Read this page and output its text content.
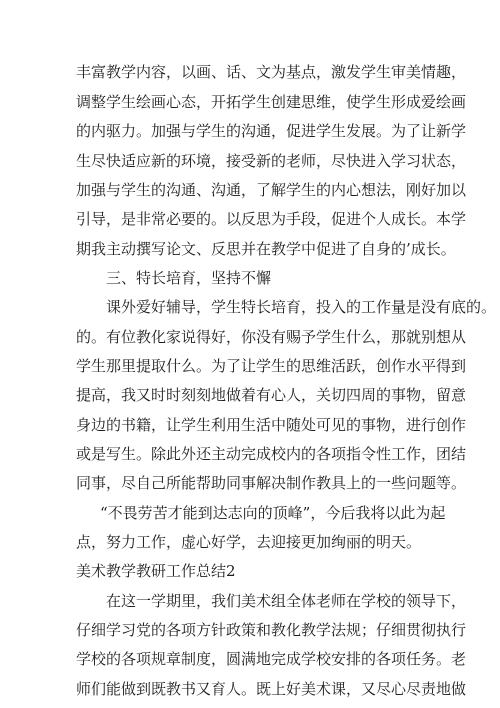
丰富教学内容，以画、话、文为基点，激发学生审美情趣，
调整学生绘画心态，开拓学生创建思维，使学生形成爱绘画
的内驱力。加强与学生的沟通，促进学生发展。为了让新学
生尽快适应新的环境，接受新的老师，尽快进入学习状态，
加强与学生的沟通、沟通，了解学生的内心想法，刚好加以
引导，是非常必要的。以反思为手段，促进个人成长。本学
期我主动撰写论文、反思并在教学中促进了自身的’成长。
三、特长培育，坚持不懈
课外爱好辅导，学生特长培育，投入的工作量是没有底的。
的。有位教化家说得好，你没有赐予学生什么，那就别想从
学生那里提取什么。为了让学生的思维活跃，创作水平得到
提高，我又时时刻刻地做着有心人，关切四周的事物，留意
身边的书籍，让学生利用生活中随处可见的事物，进行创作
或是写生。除此外还主动完成校内的各项指令性工作，团结
同事，尽自己所能帮助同事解决制作教具上的一些问题等。
“不畏劳苦才能到达志向的顶峰”，今后我将以此为起
点，努力工作，虚心好学，去迎接更加绚丽的明天。
美术教学教研工作总结2
在这一学期里，我们美术组全体老师在学校的领导下，
仔细学习党的各项方针政策和教化教学法规；仔细贯彻执行
学校的各项规章制度，圆满地完成学校安排的各项任务。老
师们能做到既教书又育人。既上好美术课，又尽心尽责地做
